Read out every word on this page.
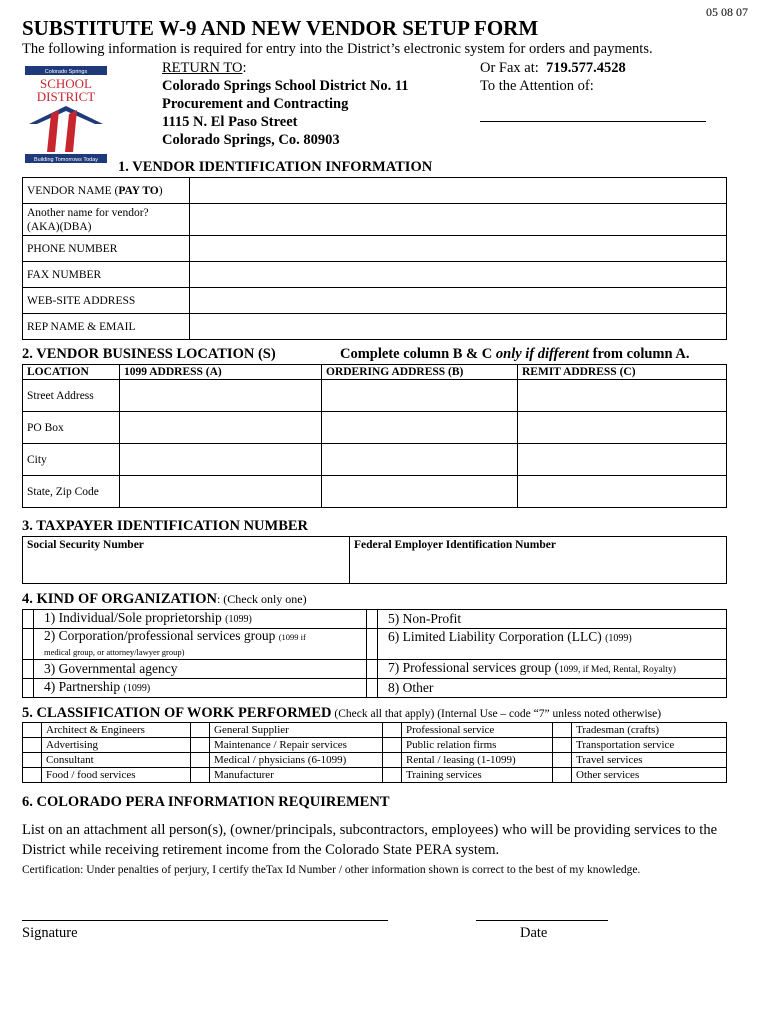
05 08 07
SUBSTITUTE W-9 AND NEW VENDOR SETUP FORM
The following information is required for entry into the District’s electronic system for orders and payments.
Colorado Springs
SCHOOL
DISTRICT
Building Tomorrows Today
RETURN TO:
Colorado Springs School District No. 11
Procurement and Contracting
1115 N. El Paso Street
Colorado Springs, Co. 80903
Or Fax at: 719.577.4528
To the Attention of:
1. VENDOR IDENTIFICATION INFORMATION
VENDOR NAME (PAY TO)	

Another name for vendor?
(AKA)(DBA)	

PHONE NUMBER	
FAX NUMBER	
WEB-SITE ADDRESS	
REP NAME & EMAIL	
2. VENDOR BUSINESS LOCATION (S)	Complete column B & C only if different from column A.
LOCATION	1099 ADDRESS (A)	ORDERING ADDRESS (B)	REMIT ADDRESS (C)
Street Address			
PO Box			
City			
State, Zip Code			
3. TAXPAYER IDENTIFICATION NUMBER
Social Security Number	Federal Employer Identification Number
4. KIND OF ORGANIZATION: (Check only one)
	1) Individual/Sole proprietorship (1099)		5) Non-Profit
	2) Corporation/professional services group (1099 if
medical group, or attorney/lawyer group)		6) Limited Liability Corporation (LLC) (1099)
	3) Governmental agency		7) Professional services group (1099, if Med, Rental, Royalty)
	4) Partnership (1099)		8) Other
5. CLASSIFICATION OF WORK PERFORMED (Check all that apply) (Internal Use – code “7” unless noted otherwise)
	Architect & Engineers		General Supplier		Professional service		Tradesman (crafts)
	Advertising		Maintenance / Repair services		Public relation firms		Transportation service
	Consultant		Medical / physicians (6-1099)		Rental / leasing (1-1099)		Travel services
	Food / food services		Manufacturer		Training services		Other services
6. COLORADO PERA INFORMATION REQUIREMENT
List on an attachment all person(s), (owner/principals, subcontractors, employees) who will be providing services to the District while receiving retirement income from the Colorado State PERA system.
Certification: Under penalties of perjury, I certify theTax Id Number / other information shown is correct to the best of my knowledge.
Signature	Date
